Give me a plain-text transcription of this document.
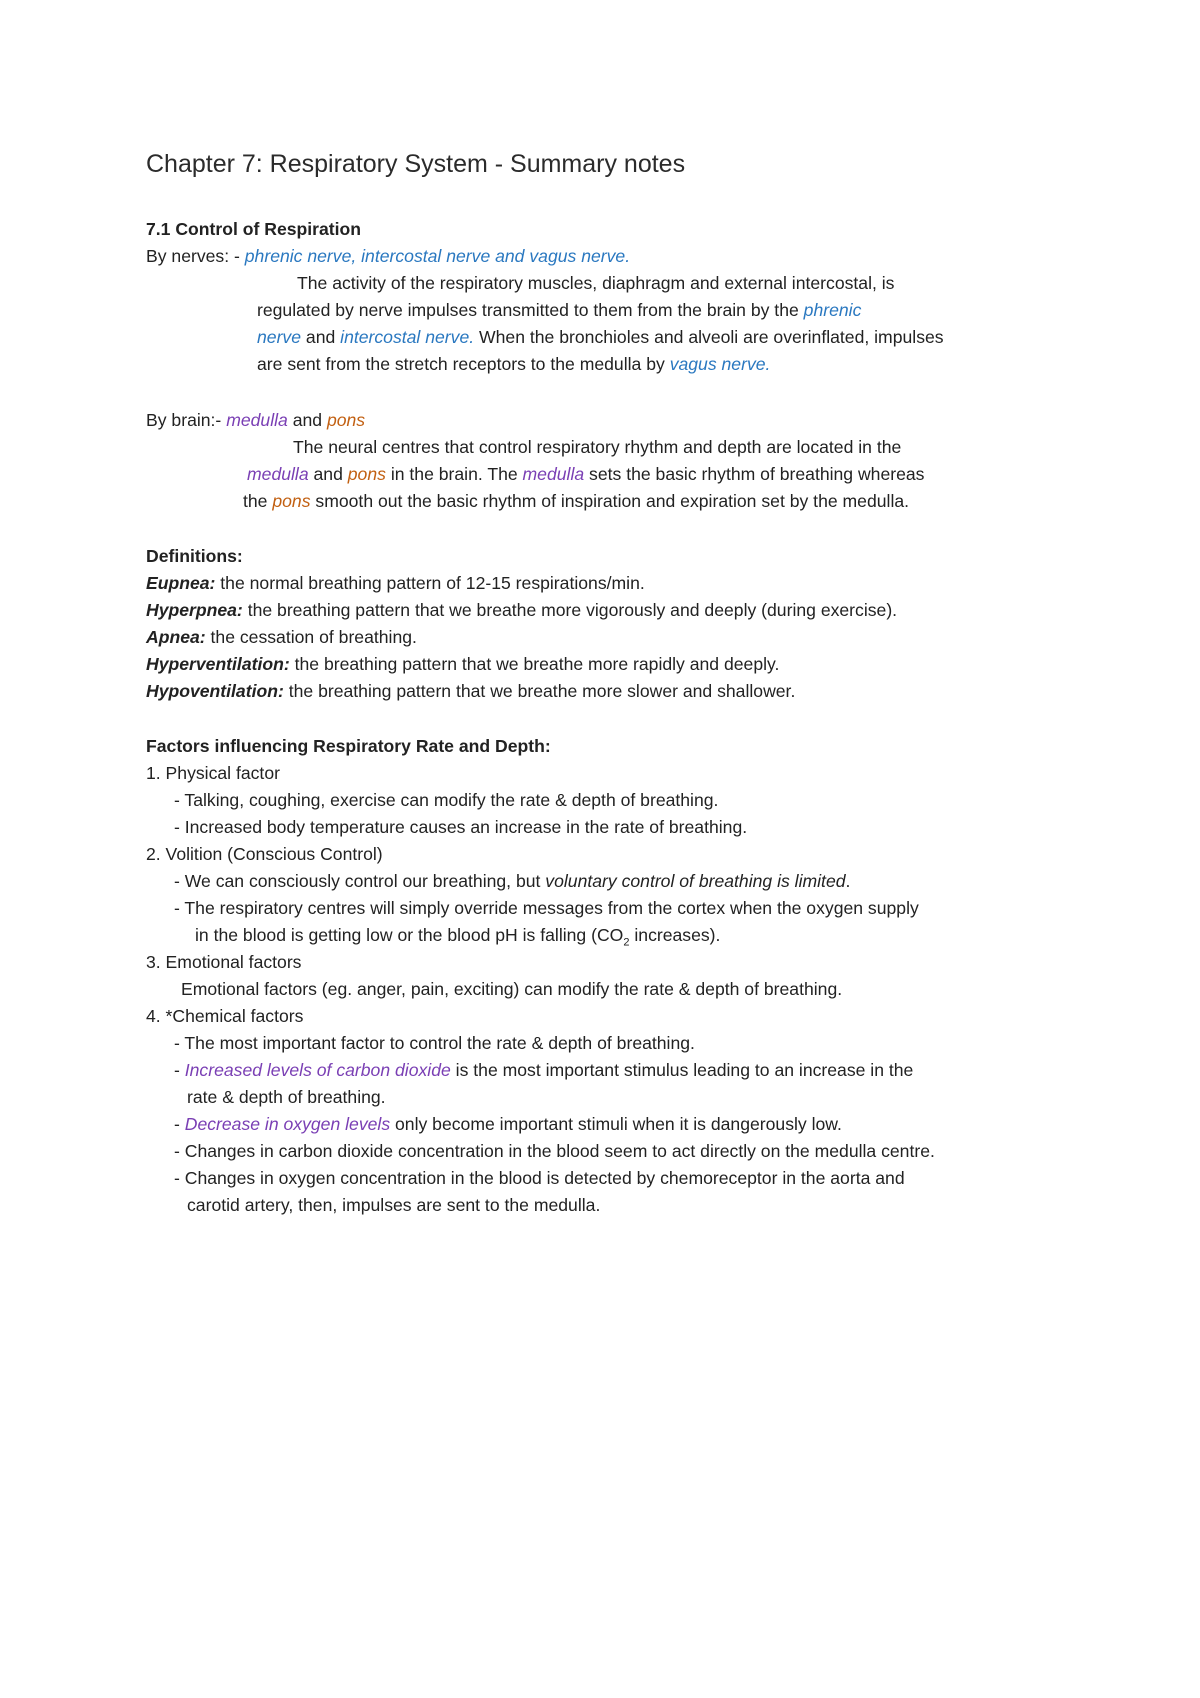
Chapter 7: Respiratory System - Summary notes
7.1 Control of Respiration
By nerves: - phrenic nerve, intercostal nerve and vagus nerve.
The activity of the respiratory muscles, diaphragm and external intercostal, is
regulated by nerve impulses transmitted to them from the brain by the phrenic
nerve and intercostal nerve. When the bronchioles and alveoli are overinflated, impulses
are sent from the stretch receptors to the medulla by vagus nerve.
By brain:- medulla and pons
The neural centres that control respiratory rhythm and depth are located in the
medulla and pons in the brain. The medulla sets the basic rhythm of breathing whereas
the pons smooth out the basic rhythm of inspiration and expiration set by the medulla.
Definitions:
Eupnea: the normal breathing pattern of 12-15 respirations/min.
Hyperpnea: the breathing pattern that we breathe more vigorously and deeply (during exercise).
Apnea: the cessation of breathing.
Hyperventilation: the breathing pattern that we breathe more rapidly and deeply.
Hypoventilation: the breathing pattern that we breathe more slower and shallower.
Factors influencing Respiratory Rate and Depth:
1. Physical factor
- Talking, coughing, exercise can modify the rate & depth of breathing.
- Increased body temperature causes an increase in the rate of breathing.
2. Volition (Conscious Control)
- We can consciously control our breathing, but voluntary control of breathing is limited.
- The respiratory centres will simply override messages from the cortex when the oxygen supply
in the blood is getting low or the blood pH is falling ($CO_2$ increases).
3. Emotional factors
Emotional factors (eg. anger, pain, exciting) can modify the rate & depth of breathing.
4. *Chemical factors
- The most important factor to control the rate & depth of breathing.
- Increased levels of carbon dioxide is the most important stimulus leading to an increase in the
rate & depth of breathing.
- Decrease in oxygen levels only become important stimuli when it is dangerously low.
- Changes in carbon dioxide concentration in the blood seem to act directly on the medulla centre.
- Changes in oxygen concentration in the blood is detected by chemoreceptor in the aorta and
carotid artery, then, impulses are sent to the medulla.
